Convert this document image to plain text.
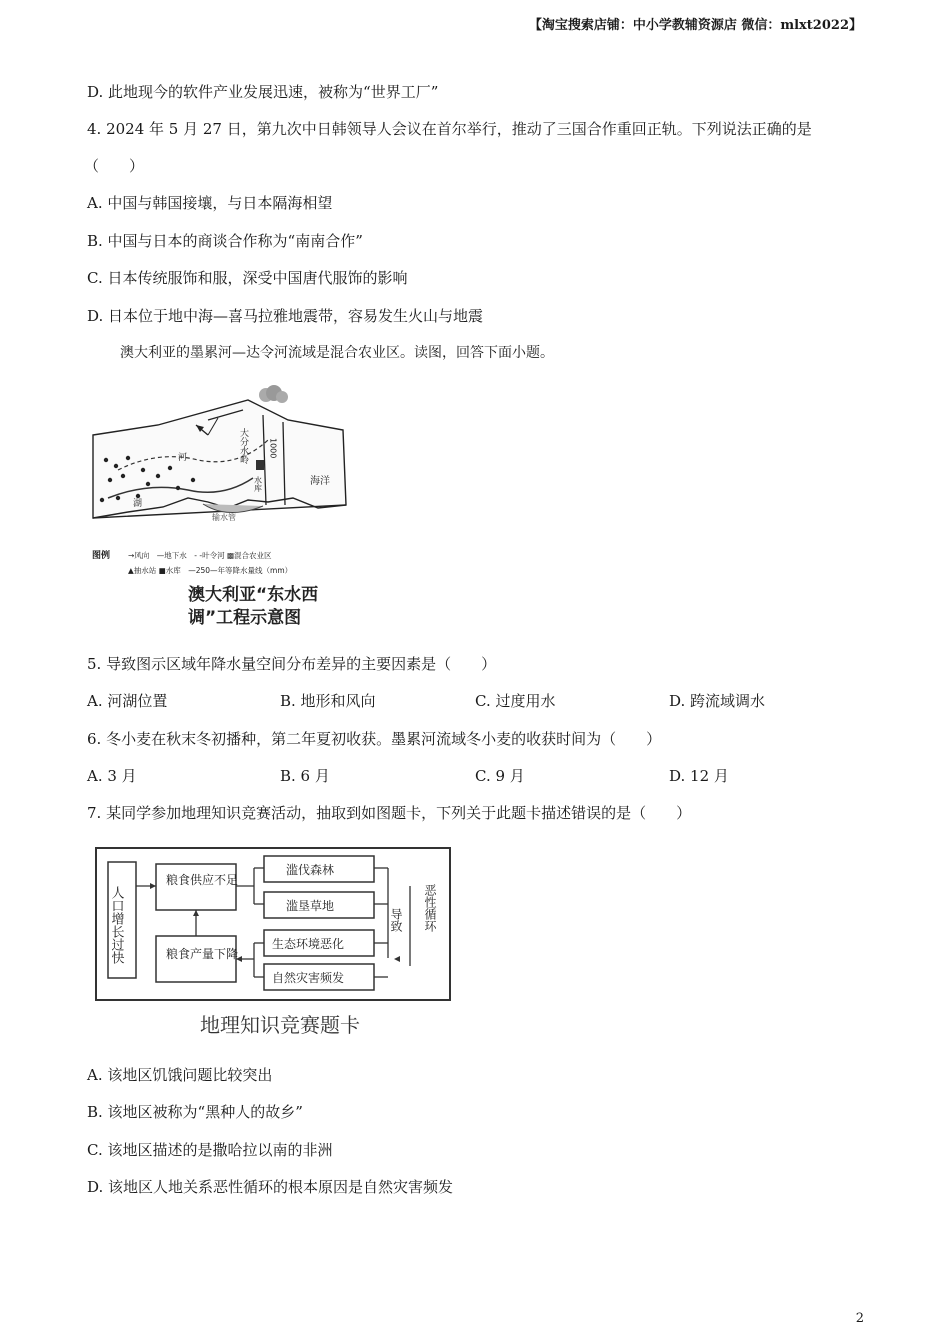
【淘宝搜索店铺：中小学教辅资源店 微信：mlxt2022】
D. 此地现今的软件产业发展迅速，被称为“世界工厂”
4. 2024 年 5 月 27 日，第九次中日韩领导人会议在首尔举行，推动了三国合作重回正轨。下列说法正确的是
（　　）
A. 中国与韩国接壤，与日本隔海相望
B. 中国与日本的商谈合作称为“南南合作”
C. 日本传统服饰和服，深受中国唐代服饰的影响
D. 日本位于地中海—喜马拉雅地震带，容易发生火山与地震
澳大利亚的墨累河—达令河流域是混合农业区。读图，回答下面小题。
大分水岭
海洋
河
水库
湖
1000
输水管
图例 →风向　—地下水　- -叶令河 ▩混合农业区
▲抽水站 ■水库　—250—年等降水量线（mm）
澳大利亚“东水西
调”工程示意图
5. 导致图示区域年降水量空间分布差异的主要因素是（　　）
A. 河湖位置	B. 地形和风向	C. 过度用水	D. 跨流域调水
6. 冬小麦在秋末冬初播种，第二年夏初收获。墨累河流域冬小麦的收获时间为（　　）
A. 3 月	B. 6 月	C. 9 月	D. 12 月
7. 某同学参加地理知识竞赛活动，抽取到如图题卡，下列关于此题卡描述错误的是（　　）
人口增长过快
粮食供应不足
粮食产量下降
滥伐森林
滥垦草地
生态环境恶化
自然灾害频发
导致 恶性循环
地理知识竞赛题卡
A. 该地区饥饿问题比较突出
B. 该地区被称为“黑种人的故乡”
C. 该地区描述的是撒哈拉以南的非洲
D. 该地区人地关系恶性循环的根本原因是自然灾害频发
2
